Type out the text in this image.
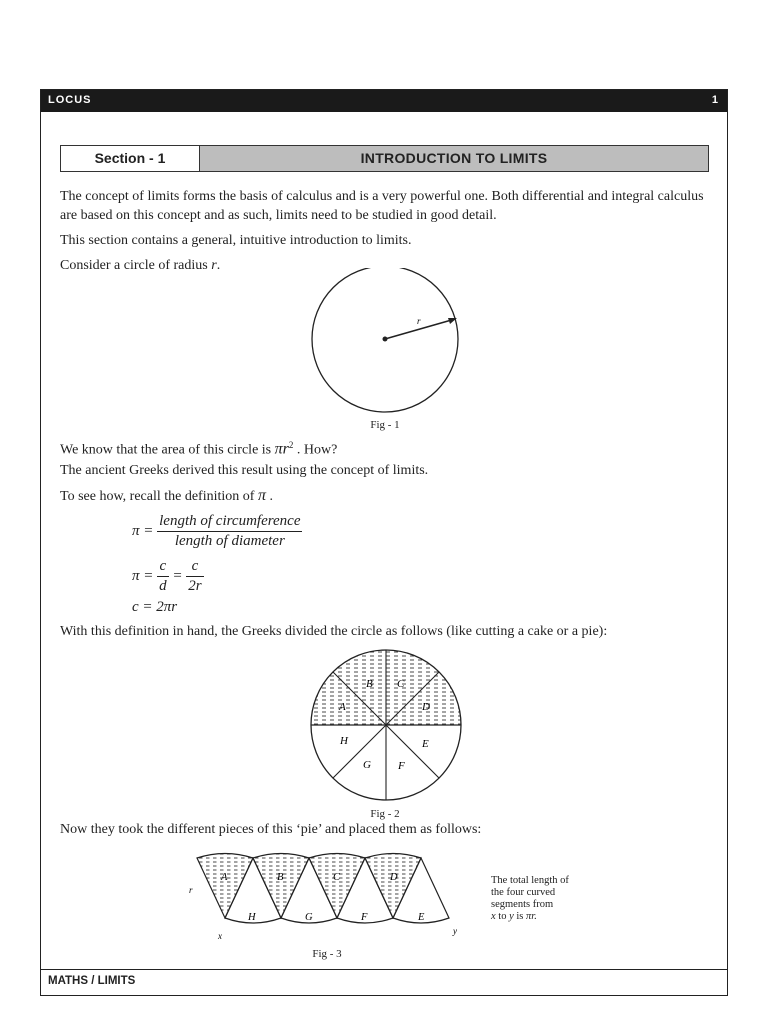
LOCUS	1
Section - 1	INTRODUCTION TO LIMITS
The concept of limits forms the basis of calculus and is a very powerful one. Both differential and integral calculus are based on this concept and as such, limits need to be studied in good detail.
This section contains a general, intuitive introduction to limits.
Consider a circle of radius r.
r
Fig - 1
We know that the area of this circle is $\pi r^2$ . How?
The ancient Greeks derived this result using the concept of limits.
To see how, recall the definition of π .
$\pi = \frac{\text{length of circumference}}{\text{length of diameter}}$
$\pi = \frac{c}{d} = \frac{c}{2r}$
c = 2πr
With this definition in hand, the Greeks divided the circle as follows (like cutting a cake or a pie):
A
B C
D
E
F
G
H
Fig - 2
Now they took the different pieces of this ‘pie’ and placed them as follows:
A	B	C	D
H	G	F	E
r
x	y
The total length of
the four curved
segments from
x to y is πr.
Fig - 3
MATHS / LIMITS
